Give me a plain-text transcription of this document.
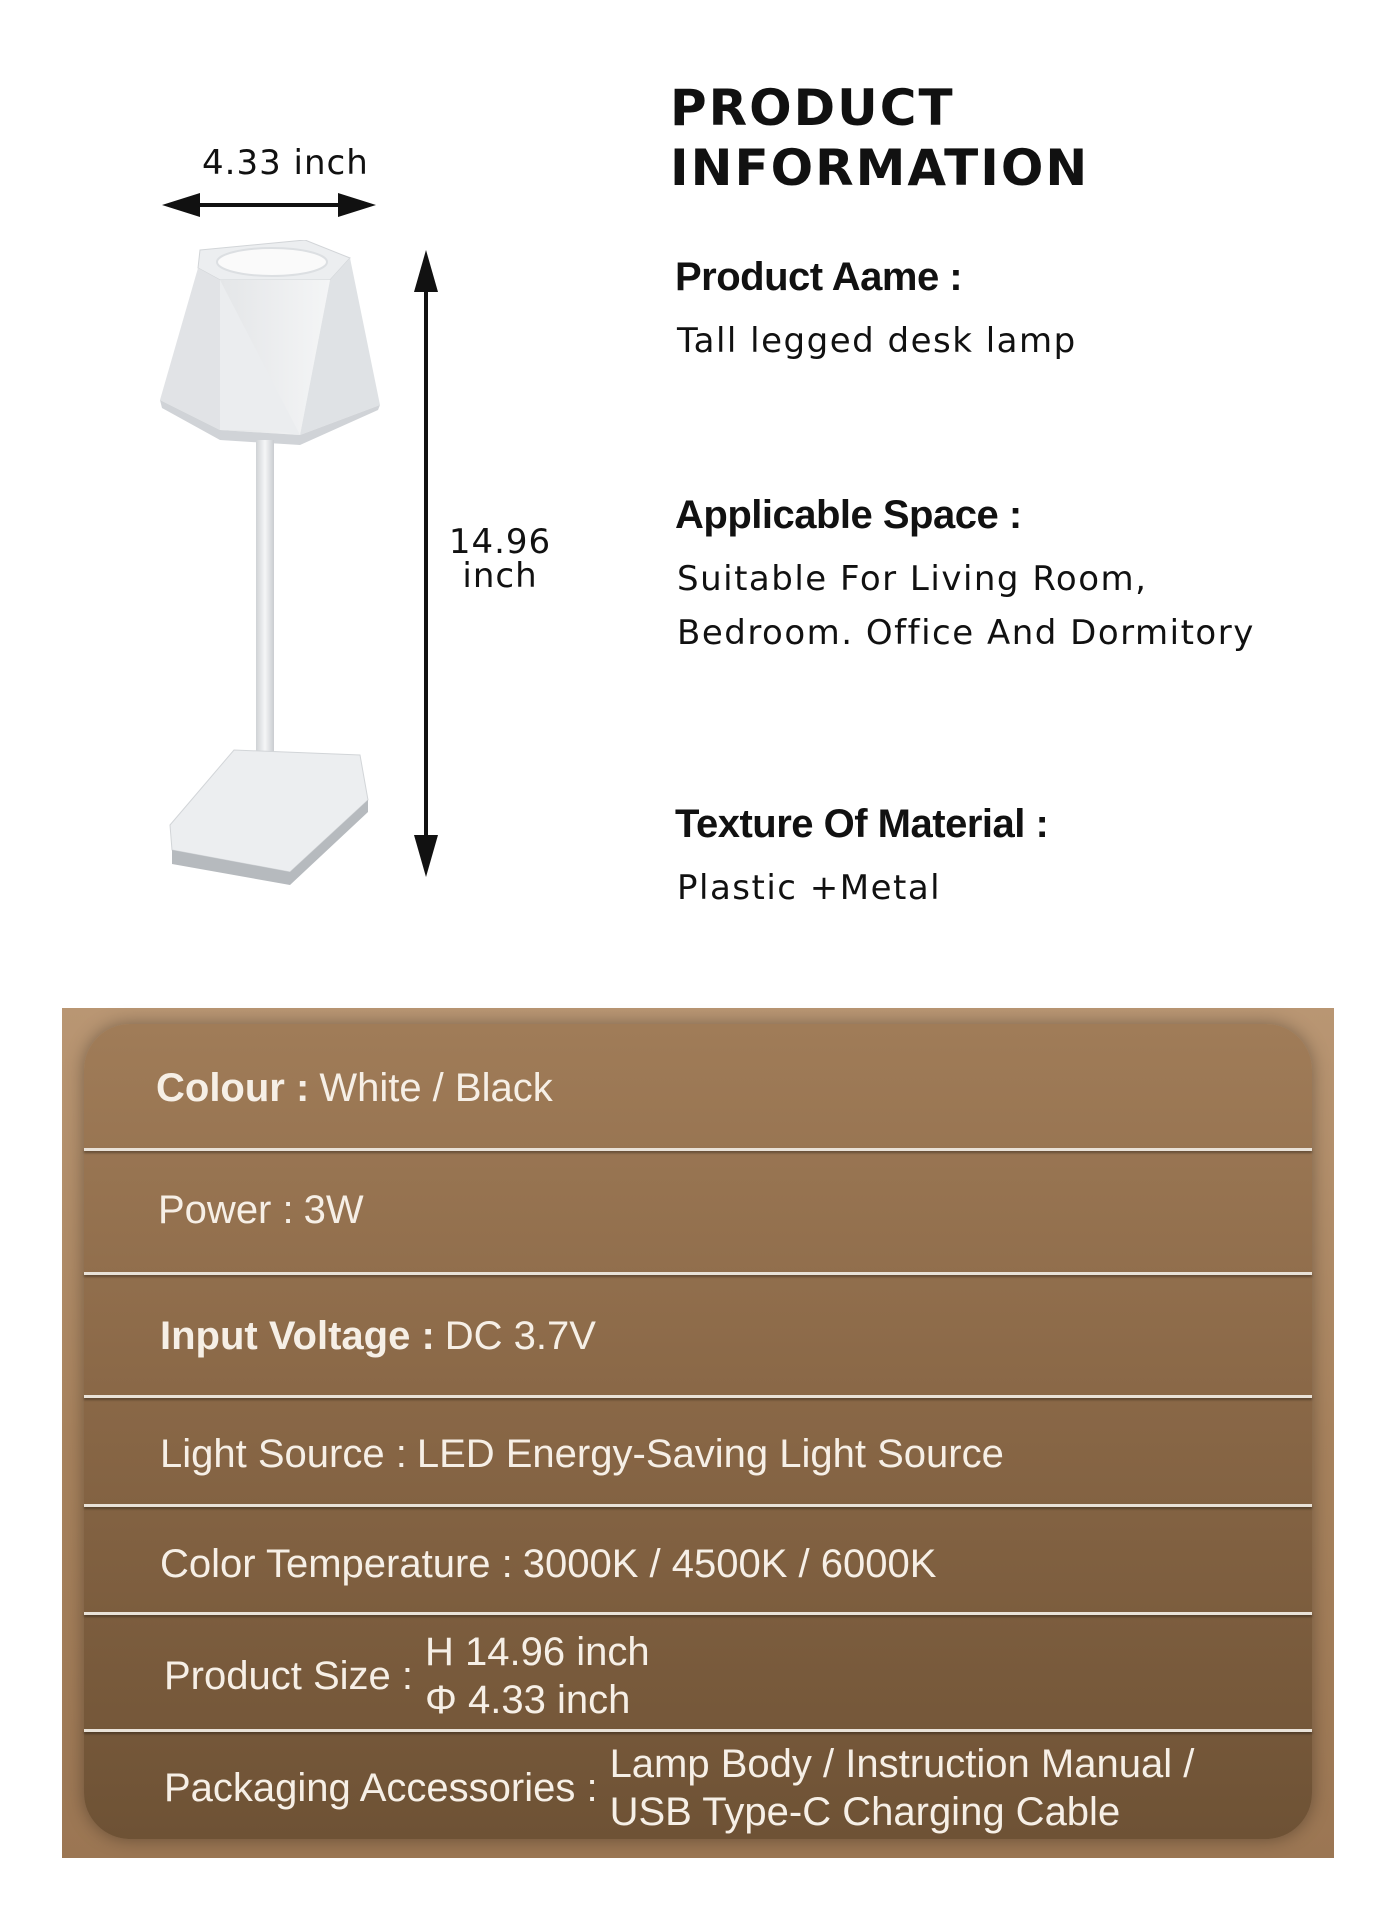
4.33 inch
14.96
inch
PRODUCT
INFORMATION

Product Aame :

Tall legged desk lamp

Applicable Space :

Suitable For Living Room,
Bedroom. Office And Dormitory

Texture Of Material :

Plastic +Metal

Colour : White / Black
Power : 3W
Input Voltage : DC 3.7V
Light Source : LED Energy-Saving Light Source
Color Temperature : 3000K / 4500K / 6000K
Product Size :
H 14.96 inch
Φ 4.33 inch
Packaging Accessories :
Lamp Body / Instruction Manual /
USB Type-C Charging Cable
